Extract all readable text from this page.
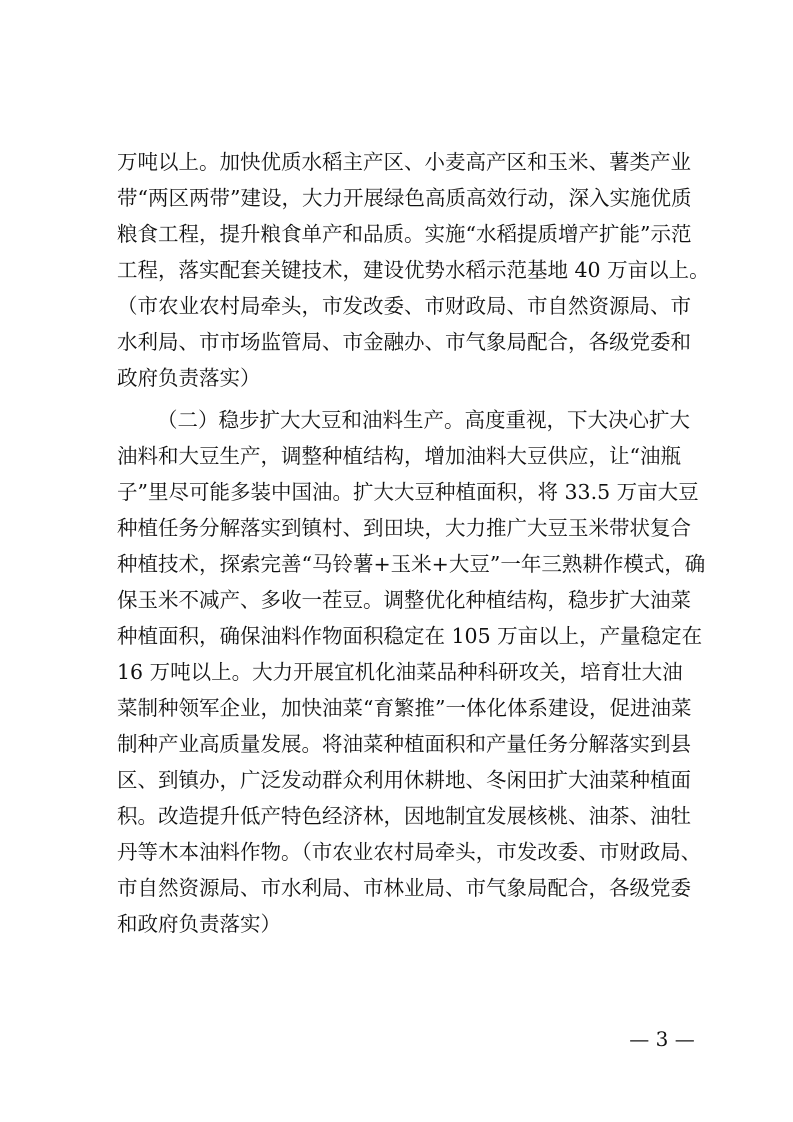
万吨以上。加快优质水稻主产区、小麦高产区和玉米、薯类产业
带“两区两带”建设，大力开展绿色高质高效行动，深入实施优质
粮食工程，提升粮食单产和品质。实施“水稻提质增产扩能”示范
工程，落实配套关键技术，建设优势水稻示范基地 40 万亩以上。
（市农业农村局牵头，市发改委、市财政局、市自然资源局、市
水利局、市市场监管局、市金融办、市气象局配合，各级党委和
政府负责落实）
（二）稳步扩大大豆和油料生产。高度重视，下大决心扩大
油料和大豆生产，调整种植结构，增加油料大豆供应，让“油瓶
子”里尽可能多装中国油。扩大大豆种植面积，将 33.5 万亩大豆
种植任务分解落实到镇村、到田块，大力推广大豆玉米带状复合
种植技术，探索完善“马铃薯+玉米+大豆”一年三熟耕作模式，确
保玉米不减产、多收一茬豆。调整优化种植结构，稳步扩大油菜
种植面积，确保油料作物面积稳定在 105 万亩以上，产量稳定在
16 万吨以上。大力开展宜机化油菜品种科研攻关，培育壮大油
菜制种领军企业，加快油菜“育繁推”一体化体系建设，促进油菜
制种产业高质量发展。将油菜种植面积和产量任务分解落实到县
区、到镇办，广泛发动群众利用休耕地、冬闲田扩大油菜种植面
积。改造提升低产特色经济林，因地制宜发展核桃、油茶、油牡
丹等木本油料作物。（市农业农村局牵头，市发改委、市财政局、
市自然资源局、市水利局、市林业局、市气象局配合，各级党委
和政府负责落实）
— 3 —
